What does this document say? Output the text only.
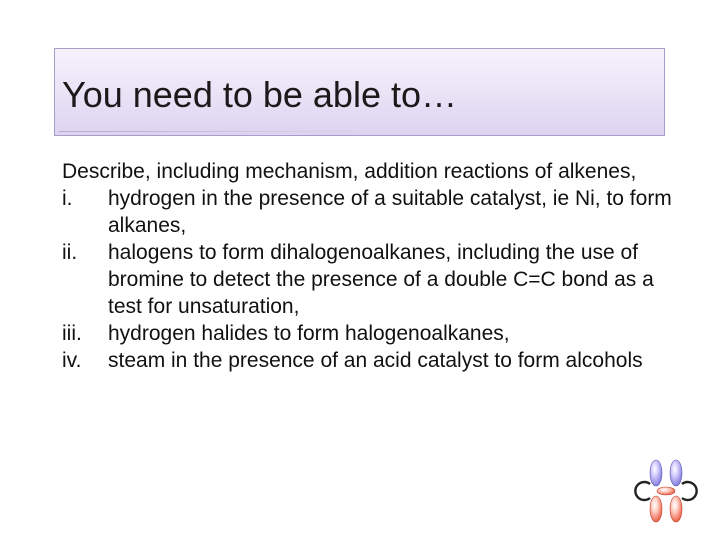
You need to be able to…

Describe, including mechanism, addition reactions of alkenes,

i.	hydrogen in the presence of a suitable catalyst, ie Ni, to form alkanes,
ii.	halogens to form dihalogenoalkanes, including the use of bromine to detect the presence of a double C=C bond as a test for unsaturation,
iii.	hydrogen halides to form halogenoalkanes,
iv.	steam in the presence of an acid catalyst to form alcohols
